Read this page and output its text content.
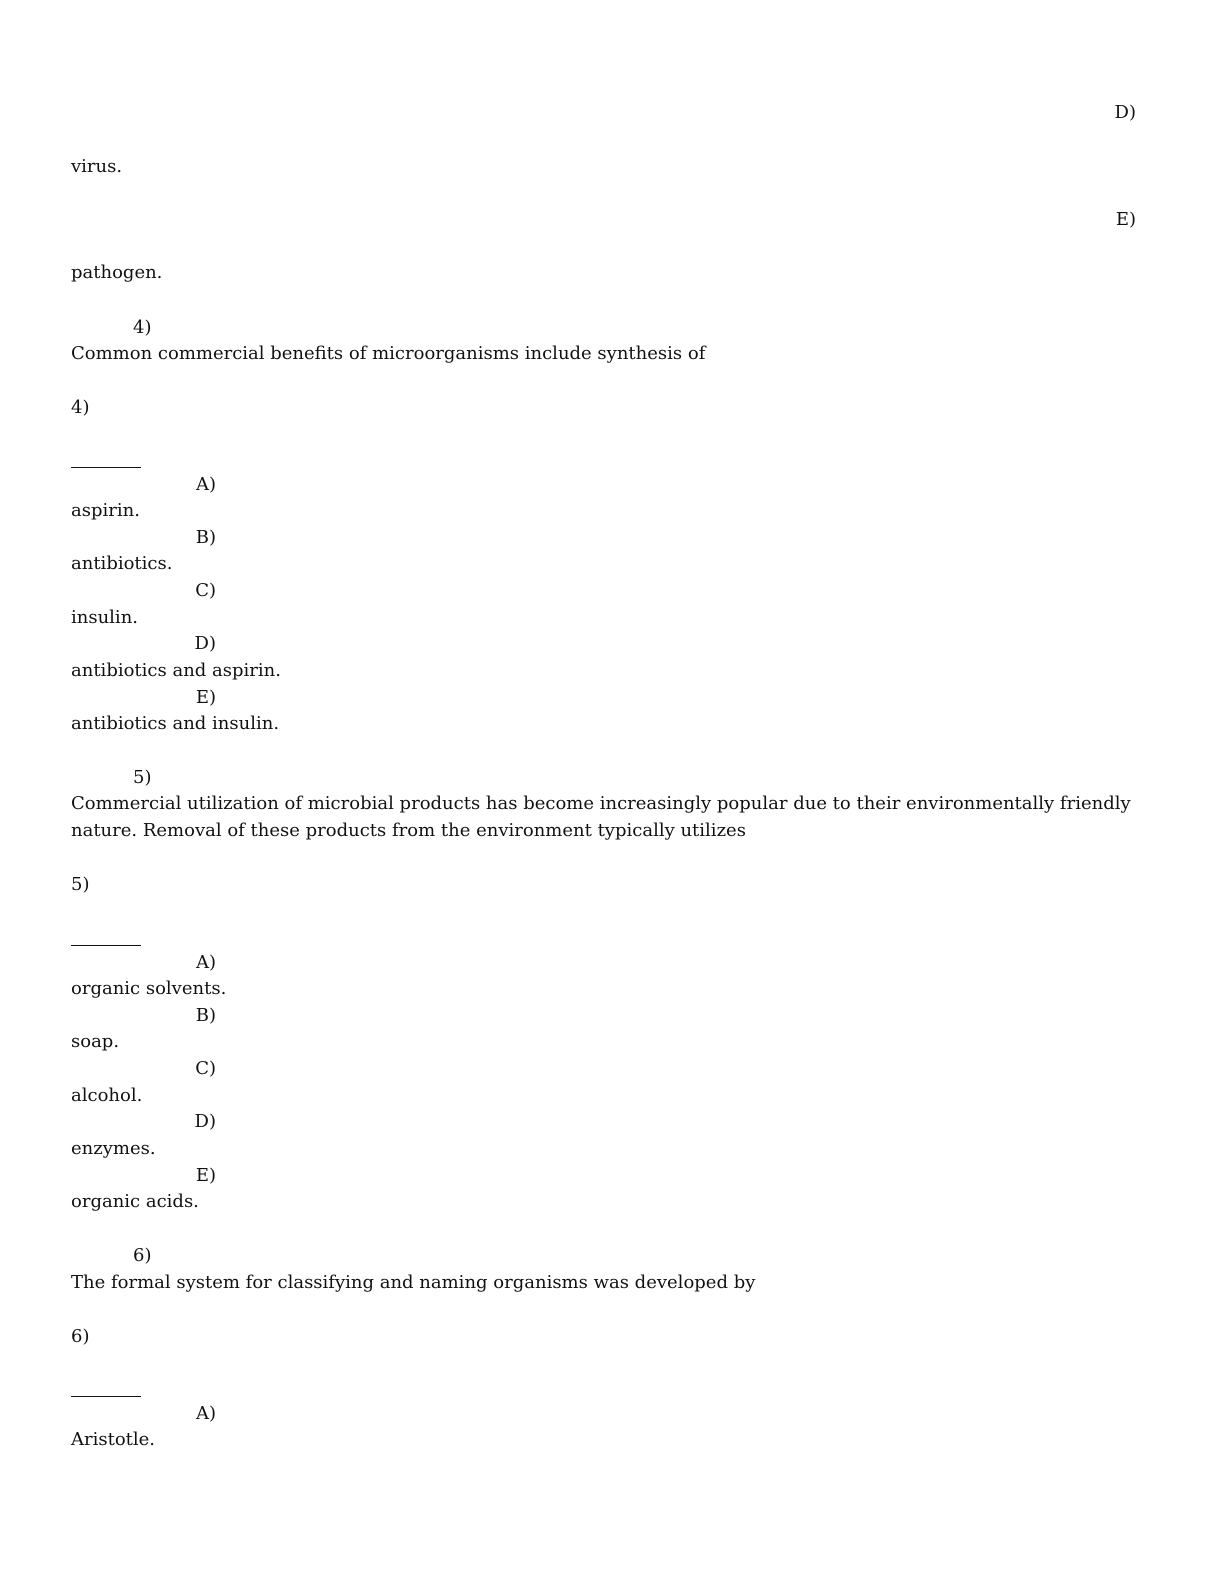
D)
virus.
E)
pathogen.
4)
Common commercial benefits of microorganisms include synthesis of
4)
A)
aspirin.
B)
antibiotics.
C)
insulin.
D)
antibiotics and aspirin.
E)
antibiotics and insulin.
5)
Commercial utilization of microbial products has become increasingly popular due to their environmentally friendly nature. Removal of these products from the environment typically utilizes
5)
A)
organic solvents.
B)
soap.
C)
alcohol.
D)
enzymes.
E)
organic acids.
6)
The formal system for classifying and naming organisms was developed by
6)
A)
Aristotle.
